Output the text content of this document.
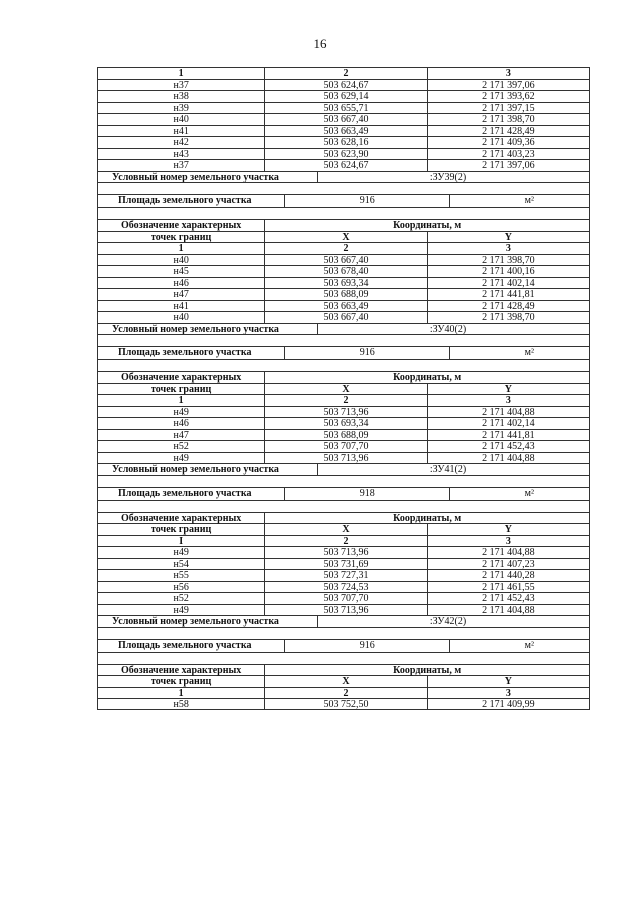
16
1	2	3
н37	503 624,67	2 171 397,06
н38	503 629,14	2 171 393,62
н39	503 655,71	2 171 397,15
н40	503 667,40	2 171 398,70
н41	503 663,49	2 171 428,49
н42	503 628,16	2 171 409,36
н43	503 623,90	2 171 403,23
н37	503 624,67	2 171 397,06
Условный номер земельного участка	:ЗУ39(2)
Площадь земельного участка	916	м²
Обозначение характерных	Координаты, м
точек границ	X	Y
1	2	3
н40	503 667,40	2 171 398,70
н45	503 678,40	2 171 400,16
н46	503 693,34	2 171 402,14
н47	503 688,09	2 171 441,81
н41	503 663,49	2 171 428,49
н40	503 667,40	2 171 398,70
Условный номер земельного участка	:ЗУ40(2)
Площадь земельного участка	916	м²
Обозначение характерных	Координаты, м
точек границ	X	Y
1	2	3
н49	503 713,96	2 171 404,88
н46	503 693,34	2 171 402,14
н47	503 688,09	2 171 441,81
н52	503 707,70	2 171 452,43
н49	503 713,96	2 171 404,88
Условный номер земельного участка	:ЗУ41(2)
Площадь земельного участка	918	м²
Обозначение характерных	Координаты, м
точек границ	X	Y
I	2	3
н49	503 713,96	2 171 404,88
н54	503 731,69	2 171 407,23
н55	503 727,31	2 171 440,28
н56	503 724,53	2 171 461,55
н52	503 707,70	2 171 452,43
н49	503 713,96	2 171 404,88
Условный номер земельного участка	:ЗУ42(2)
Площадь земельного участка	916	м²
Обозначение характерных	Координаты, м
точек границ	X	Y
1	2	3
н58	503 752,50	2 171 409,99
